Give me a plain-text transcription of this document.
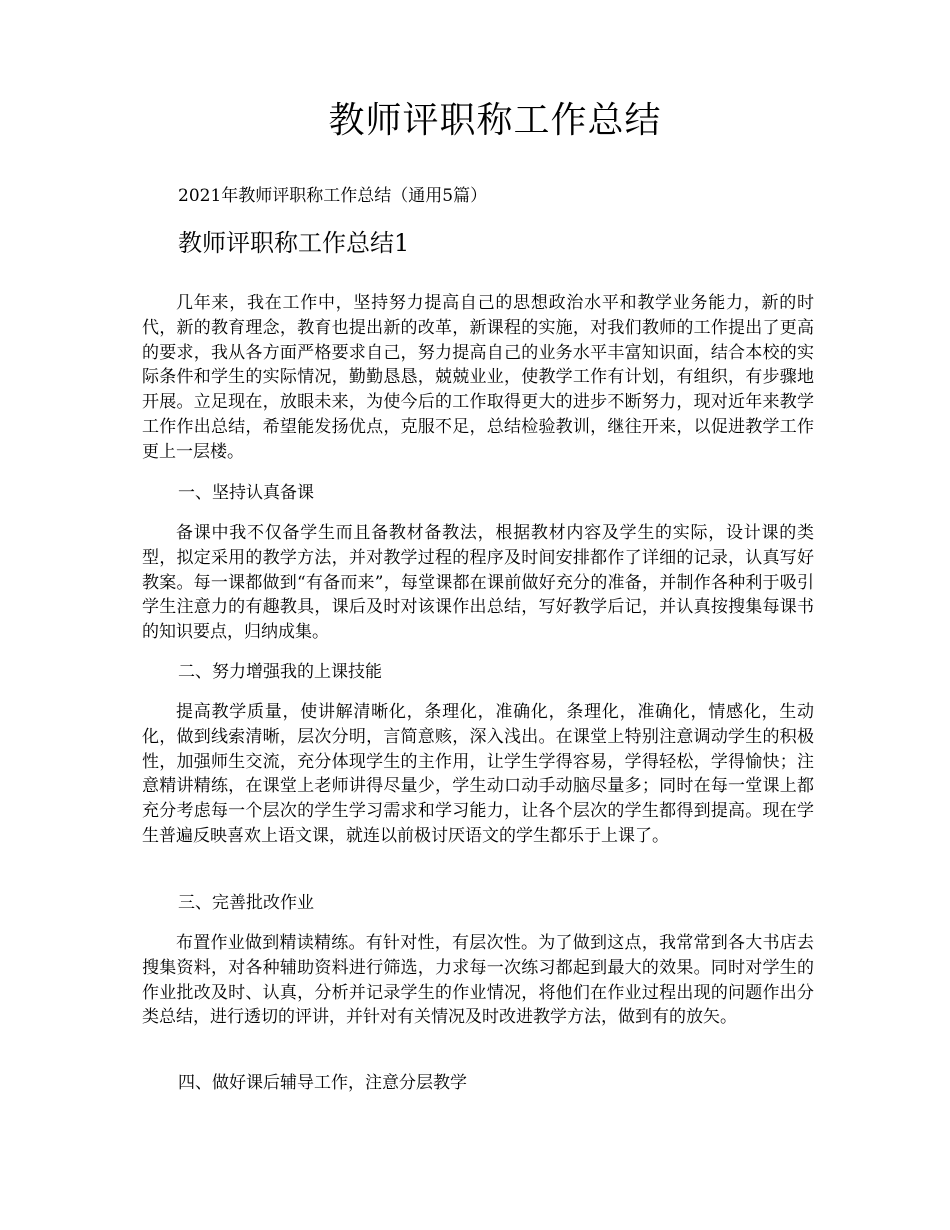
教师评职称工作总结

2021年教师评职称工作总结（通用5篇）

教师评职称工作总结1

几年来，我在工作中，坚持努力提高自己的思想政治水平和教学业务能力，新的时代，新的教育理念，教育也提出新的改革，新课程的实施，对我们教师的工作提出了更高的要求，我从各方面严格要求自己，努力提高自己的业务水平丰富知识面，结合本校的实际条件和学生的实际情况，勤勤恳恳，兢兢业业，使教学工作有计划，有组织，有步骤地开展。立足现在，放眼未来，为使今后的工作取得更大的进步不断努力，现对近年来教学工作作出总结，希望能发扬优点，克服不足，总结检验教训，继往开来，以促进教学工作更上一层楼。

一、坚持认真备课

备课中我不仅备学生而且备教材备教法，根据教材内容及学生的实际，设计课的类型，拟定采用的教学方法，并对教学过程的程序及时间安排都作了详细的记录，认真写好教案。每一课都做到“有备而来”，每堂课都在课前做好充分的准备，并制作各种利于吸引学生注意力的有趣教具，课后及时对该课作出总结，写好教学后记，并认真按搜集每课书的知识要点，归纳成集。

二、努力增强我的上课技能

提高教学质量，使讲解清晰化，条理化，准确化，条理化，准确化，情感化，生动化，做到线索清晰，层次分明，言简意赅，深入浅出。在课堂上特别注意调动学生的积极性，加强师生交流，充分体现学生的主作用，让学生学得容易，学得轻松，学得愉快；注意精讲精练，在课堂上老师讲得尽量少，学生动口动手动脑尽量多；同时在每一堂课上都充分考虑每一个层次的学生学习需求和学习能力，让各个层次的学生都得到提高。现在学生普遍反映喜欢上语文课，就连以前极讨厌语文的学生都乐于上课了。

三、完善批改作业

布置作业做到精读精练。有针对性，有层次性。为了做到这点，我常常到各大书店去搜集资料，对各种辅助资料进行筛选，力求每一次练习都起到最大的效果。同时对学生的作业批改及时、认真，分析并记录学生的作业情况，将他们在作业过程出现的问题作出分类总结，进行透切的评讲，并针对有关情况及时改进教学方法，做到有的放矢。

四、做好课后辅导工作，注意分层教学
